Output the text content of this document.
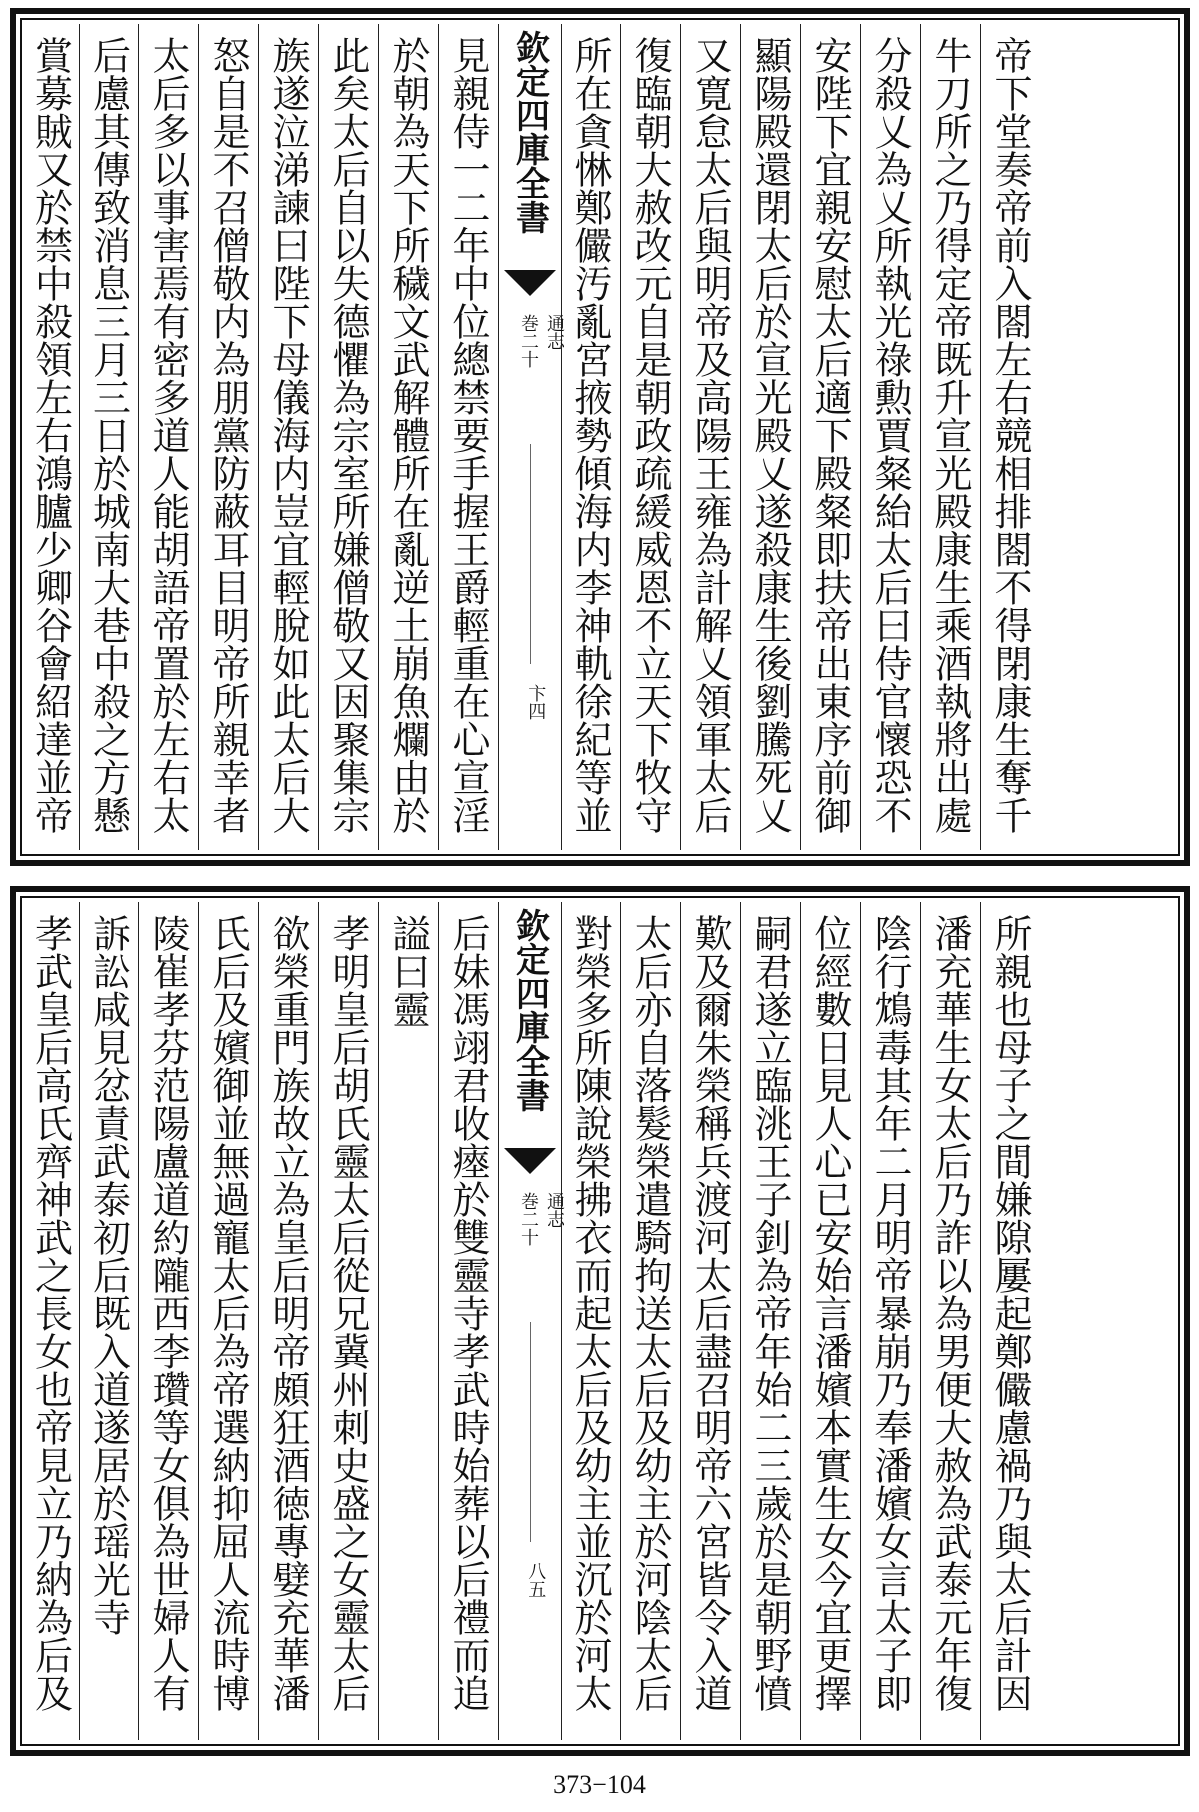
賞募賊又於禁中殺領左右鴻臚少卿谷會紹達並帝 后慮其傳致消息三月三日於城南大巷中殺之方懸 太后多以事害焉有密多道人能胡語帝置於左右太 怒自是不召僧敬内為朋黨防蔽耳目明帝所親幸者 族遂泣涕諫曰陛下母儀海内豈宜輕脫如此太后大 此矣太后自以失德懼為宗室所嫌僧敬又因聚集宗 於朝為天下所穢文武解體所在亂逆土崩魚爛由於 見親侍一二年中位總禁要手握王爵輕重在心宣淫 欽定四庫全書
通志
巻二十
卞四 所在貪惏鄭儼汚亂宮掖勢傾海内李神軌徐紀等並 復臨朝大赦改元自是朝政疏緩威恩不立天下牧守 又寛怠太后與明帝及高陽王雍為計解乂領軍太后 顯陽殿還閉太后於宣光殿乂遂殺康生後劉騰死乂 安陛下宜親安慰太后適下殿粲即扶帝出東序前御 分殺乂為乂所執光祿勲賈粲紿太后曰侍官懷恐不 牛刀所之乃得定帝既升宣光殿康生乘酒執將出處 帝下堂奏帝前入閤左右競相排閤不得閉康生奪千
孝武皇后高氏齊神武之長女也帝見立乃納為后及 訴訟咸見忿責武泰初后既入道遂居於瑶光寺 陵崔孝芬范陽盧道約隴西李瓚等女俱為世婦人有 氏后及嬪御並無過寵太后為帝選納抑屈人流時博 欲榮重門族故立為皇后明帝頗狂酒徳專嬖充華潘 孝明皇后胡氏靈太后從兄冀州刺史盛之女靈太后 謚曰靈 后妹馮翊君收瘞於雙靈寺孝武時始葬以后禮而追 欽定四庫全書
通志
巻二十
八五 對榮多所陳說榮拂衣而起太后及幼主並沉於河太 太后亦自落髮榮遣騎拘送太后及幼主於河陰太后 歎及爾朱榮稱兵渡河太后盡召明帝六宮皆令入道 嗣君遂立臨洮王子釗為帝年始二三歲於是朝野憤 位經數日見人心已安始言潘嬪本實生女今宜更擇 陰行鴆毒其年二月明帝暴崩乃奉潘嬪女言太子即 潘充華生女太后乃詐以為男便大赦為武泰元年復 所親也母子之間嫌隙屢起鄭儼慮禍乃與太后計因
373−104
